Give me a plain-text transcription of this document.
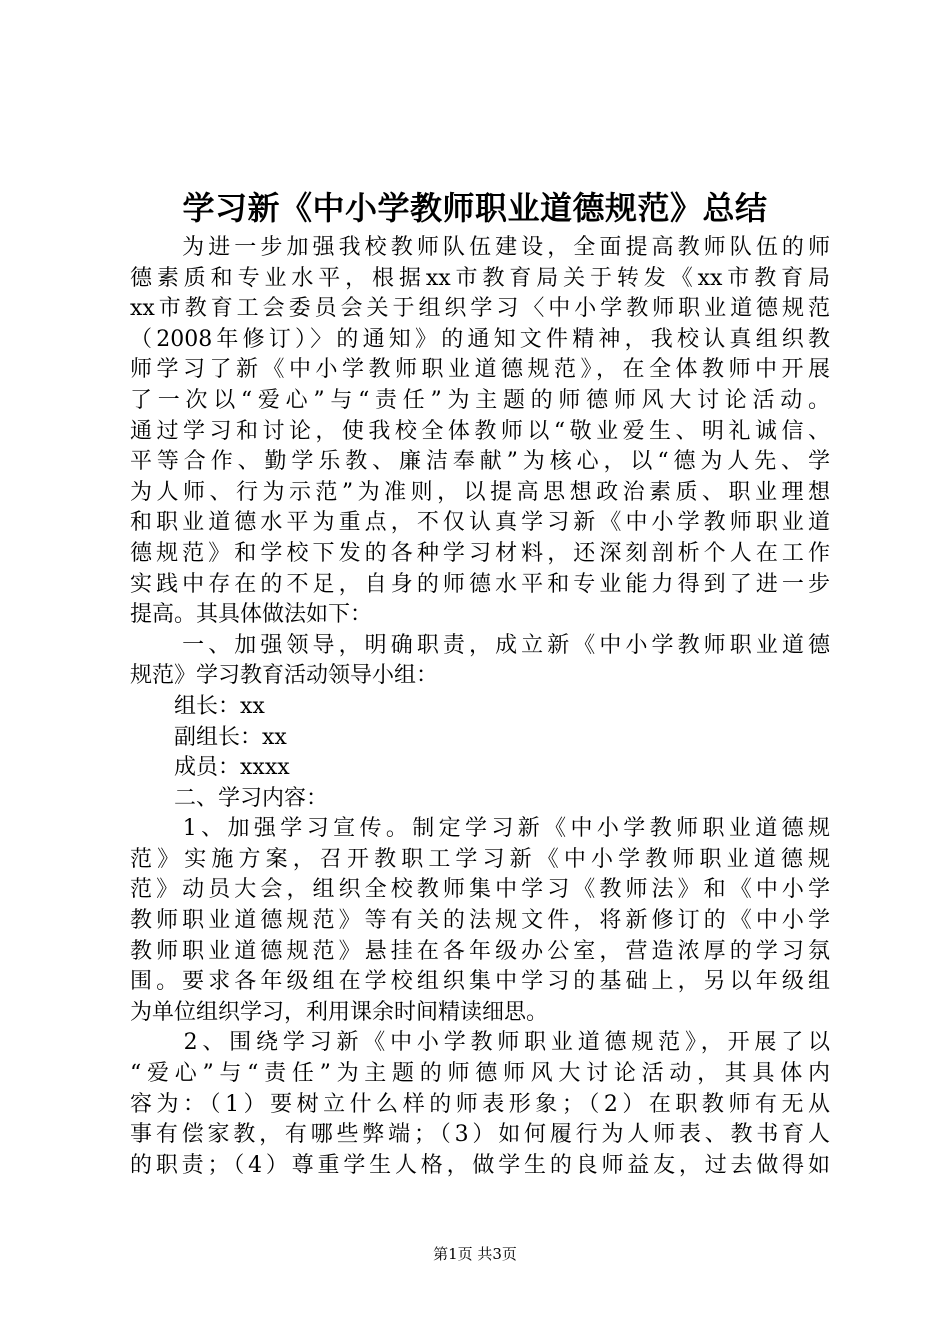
学习新《中小学教师职业道德规范》总结
　　为进一步加强我校教师队伍建设，全面提高教师队伍的师
德素质和专业水平，根据xx市教育局关于转发《xx市教育局
xx市教育工会委员会关于组织学习〈中小学教师职业道德规范
（2008年修订）〉的通知》的通知文件精神，我校认真组织教
师学习了新《中小学教师职业道德规范》，在全体教师中开展
了一次以“爱心”与“责任”为主题的师德师风大讨论活动。
通过学习和讨论，使我校全体教师以“敬业爱生、明礼诚信、
平等合作、勤学乐教、廉洁奉献”为核心，以“德为人先、学
为人师、行为示范”为准则，以提高思想政治素质、职业理想
和职业道德水平为重点，不仅认真学习新《中小学教师职业道
德规范》和学校下发的各种学习材料，还深刻剖析个人在工作
实践中存在的不足，自身的师德水平和专业能力得到了进一步
提高。其具体做法如下：
　　一、加强领导，明确职责，成立新《中小学教师职业道德
规范》学习教育活动领导小组：
　　组长：xx
　　副组长：xx
　　成员：xxxx
　　二、学习内容：
　　1、加强学习宣传。制定学习新《中小学教师职业道德规
范》实施方案，召开教职工学习新《中小学教师职业道德规
范》动员大会，组织全校教师集中学习《教师法》和《中小学
教师职业道德规范》等有关的法规文件，将新修订的《中小学
教师职业道德规范》悬挂在各年级办公室，营造浓厚的学习氛
围。要求各年级组在学校组织集中学习的基础上，另以年级组
为单位组织学习，利用课余时间精读细思。
　　2、围绕学习新《中小学教师职业道德规范》，开展了以
“爱心”与“责任”为主题的师德师风大讨论活动，其具体内
容为：（1）要树立什么样的师表形象；（2）在职教师有无从
事有偿家教，有哪些弊端；（3）如何履行为人师表、教书育人
的职责；（4）尊重学生人格，做学生的良师益友，过去做得如
第1页 共3页
